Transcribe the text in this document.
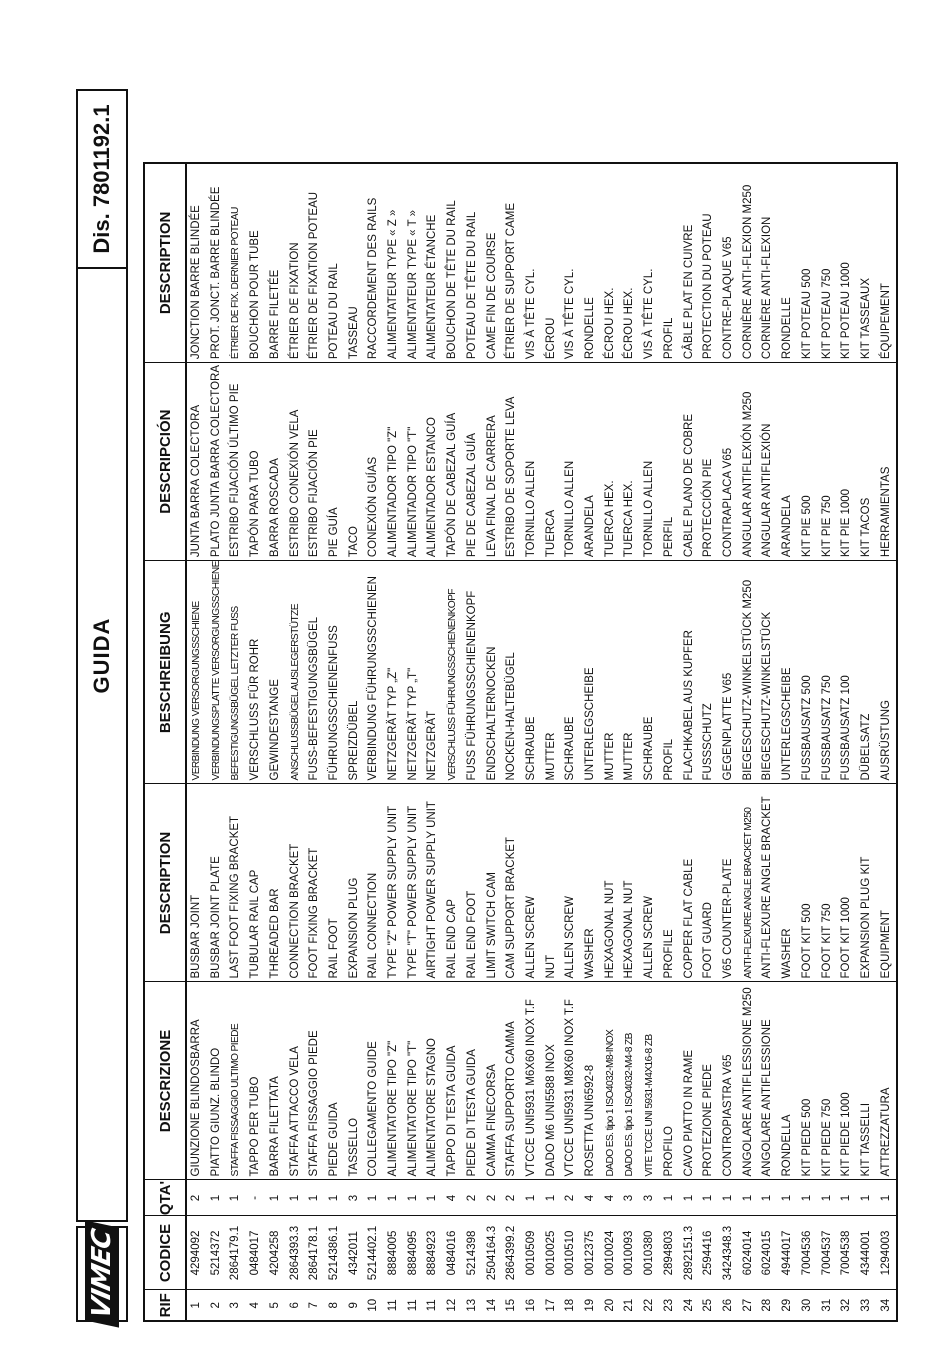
GUIDA
VIMEC
Dis. 7801192.1
RIF	CODICE	QTA'	DESCRIZIONE	DESCRIPTION	BESCHREIBUNG	DESCRIPCIÓN	DESCRIPTION
1	4294092	2	GIUNZIONE BLINDOSBARRA	BUSBAR JOINT	VERBINDUNG VERSORGUNGSSCHIENE	JUNTA BARRA COLECTORA	JONCTION BARRE BLINDÉE
2	5214372	1	PIATTO GIUNZ. BLINDO	BUSBAR JOINT PLATE	VERBINDUNGSPLATTE VERSORGUNGSSCHIENE	PLATO JUNTA BARRA COLECTORA	PROT. JONCT. BARRE BLINDÉE
3	2864179.1	1	STAFFA FISSAGGIO ULTIMO PIEDE	LAST FOOT FIXING BRACKET	BEFESTIGUNGSBÜGEL LETZTER FUSS	ESTRIBO FIJACIÓN ÚLTIMO PIE	ÉTRIER DE FIX. DERNIER POTEAU
4	0484017	-	TAPPO PER TUBO	TUBULAR RAIL CAP	VERSCHLUSS FÜR ROHR	TAPÓN PARA TUBO	BOUCHON POUR TUBE
5	4204258	1	BARRA FILETTATA	THREADED BAR	GEWINDESTANGE	BARRA ROSCADA	BARRE FILETÉE
6	2864393.3	1	STAFFA ATTACCO VELA	CONNECTION BRACKET	ANSCHLUSSBÜGEL AUSLEGERSTÜTZE	ESTRIBO CONEXIÓN VELA	ÉTRIER DE FIXATION
7	2864178.1	1	STAFFA FISSAGGIO PIEDE	FOOT FIXING BRACKET	FUSS-BEFESTIGUNGSBÜGEL	ESTRIBO FIJACIÓN PIE	ÉTRIER DE FIXATION POTEAU
8	5214386.1	1	PIEDE GUIDA	RAIL FOOT	FÜHRUNGSSCHIENENFUSS	PIE GUÍA	POTEAU DU RAIL
9	4342011	3	TASSELLO	EXPANSION PLUG	SPREIZDÜBEL	TACO	TASSEAU
10	5214402.1	1	COLLEGAMENTO GUIDE	RAIL CONNECTION	VERBINDUNG FÜHRUNGSSCHIENEN	CONEXIÓN GUÍAS	RACCORDEMENT DES RAILS
11	8884005	1	ALIMENTATORE TIPO "Z"	TYPE "Z" POWER SUPPLY UNIT	NETZGERÄT TYP „Z"	ALIMENTADOR TIPO "Z"	ALIMENTATEUR TYPE « Z »
11	8884095	1	ALIMENTATORE TIPO "T"	TYPE "T" POWER SUPPLY UNIT	NETZGERÄT TYP „T"	ALIMENTADOR TIPO "T"	ALIMENTATEUR TYPE « T »
11	8884923	1	ALIMENTATORE STAGNO	AIRTIGHT POWER SUPPLY UNIT	NETZGERÄT	ALIMENTADOR ESTANCO	ALIMENTATEUR ÉTANCHE
12	0484016	4	TAPPO DI TESTA GUIDA	RAIL END CAP	VERSCHLUSS FÜHRUNGSSCHIENENKOPF	TAPÓN DE CABEZAL GUÍA	BOUCHON DE TÊTE DU RAIL
13	5214398	2	PIEDE DI TESTA GUIDA	RAIL END FOOT	FUSS FÜHRUNGSSCHIENENKOPF	PIE DE CABEZAL GUÍA	POTEAU DE TÊTE DU RAIL
14	2504164.3	2	CAMMA FINECORSA	LIMIT SWITCH CAM	ENDSCHALTERNOCKEN	LEVA FINAL DE CARRERA	CAME FIN DE COURSE
15	2864399.2	2	STAFFA SUPPORTO CAMMA	CAM SUPPORT BRACKET	NOCKEN-HALTEBÜGEL	ESTRIBO DE SOPORTE LEVA	ÉTRIER DE SUPPORT CAME
16	0010509	1	VTCCE UNI5931 M6X60 INOX T.F	ALLEN SCREW	SCHRAUBE	TORNILLO ALLEN	VIS À TÊTE CYL.
17	0010025	1	DADO M6 UNI5588 INOX	NUT	MUTTER	TUERCA	ÉCROU
18	0010510	2	VTCCE UNI5931 M8X60 INOX T.F	ALLEN SCREW	SCHRAUBE	TORNILLO ALLEN	VIS À TÊTE CYL.
19	0012375	4	ROSETTA UNI6592-8	WASHER	UNTERLEGSCHEIBE	ARANDELA	RONDELLE
20	0010024	4	DADO ES. tipo 1 ISO4032-M8-INOX	HEXAGONAL NUT	MUTTER	TUERCA HEX.	ÉCROU HEX.
21	0010093	3	DADO ES. tipo 1 ISO4032-M4-8 ZB	HEXAGONAL NUT	MUTTER	TUERCA HEX.	ÉCROU HEX.
22	0010380	3	VITE TCCE UNI 5931-M4X16-8 ZB	ALLEN SCREW	SCHRAUBE	TORNILLO ALLEN	VIS À TÊTE CYL.
23	2894803	1	PROFILO	PROFILE	PROFIL	PERFIL	PROFIL
24	2892151.3	1	CAVO PIATTO IN RAME	COPPER FLAT CABLE	FLACHKABEL AUS KUPFER	CABLE PLANO DE COBRE	CÂBLE PLAT EN CUIVRE
25	2594416	1	PROTEZIONE PIEDE	FOOT GUARD	FUSSSCHUTZ	PROTECCIÓN PIE	PROTECTION DU POTEAU
26	3424348.3	1	CONTROPIASTRA V65	V65 COUNTER-PLATE	GEGENPLATTE V65	CONTRAPLACA V65	CONTRE-PLAQUE V65
27	6024014	1	ANGOLARE ANTIFLESSIONE M250	ANTI-FLEXURE ANGLE BRACKET M250	BIEGESCHUTZ-WINKELSTÜCK M250	ANGULAR ANTIFLEXIÓN M250	CORNIÈRE ANTI-FLEXION M250
28	6024015	1	ANGOLARE ANTIFLESSIONE	ANTI-FLEXURE ANGLE BRACKET	BIEGESCHUTZ-WINKELSTÜCK	ANGULAR ANTIFLEXIÓN	CORNIÈRE ANTI-FLEXION
29	4944017	1	RONDELLA	WASHER	UNTERLEGSCHEIBE	ARANDELA	RONDELLE
30	7004536	1	KIT PIEDE 500	FOOT KIT 500	FUSSBAUSATZ 500	KIT PIE 500	KIT POTEAU 500
31	7004537	1	KIT PIEDE 750	FOOT KIT 750	FUSSBAUSATZ 750	KIT PIE 750	KIT POTEAU 750
32	7004538	1	KIT PIEDE 1000	FOOT KIT 1000	FUSSBAUSATZ 100	KIT PIE 1000	KIT POTEAU 1000
33	4344001	1	KIT TASSELLI	EXPANSION PLUG KIT	DÜBELSATZ	KIT TACOS	KIT TASSEAUX
34	1294003	1	ATTREZZATURA	EQUIPMENT	AUSRÜSTUNG	HERRAMIENTAS	ÉQUIPEMENT
